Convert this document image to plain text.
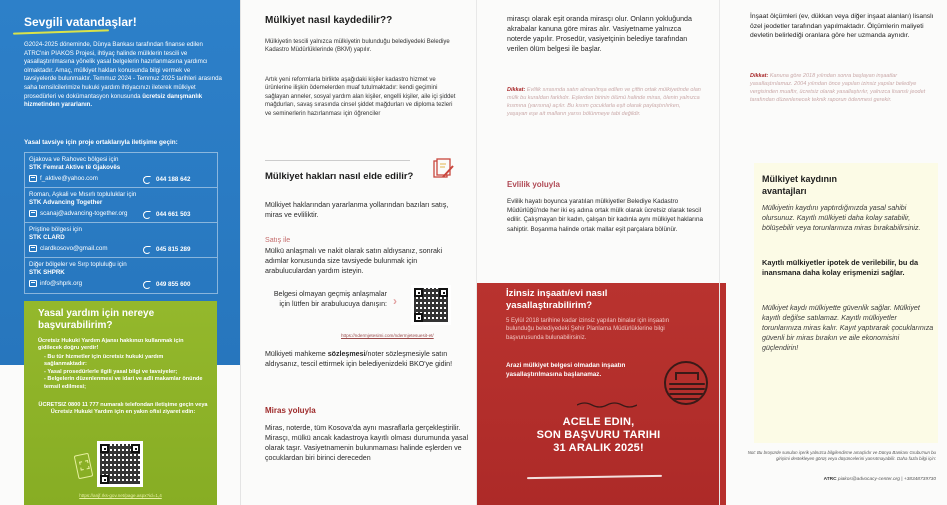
Sevgili vatandaşlar!
G2024-2025 döneminde, Dünya Bankası tarafından finanse edilen ATRC'nin PIAKOS Projesi, ihtiyaç halinde mülklerin tescili ve yasallaştırılmasına yönelik yasal belgelerin hazırlanmasına yardımcı olmaktadır. Amaç, mülkiyet hakları konusunda bilgi vermek ve tavsiyelerde bulunmaktır. Temmuz 2024 - Temmuz 2025 tarihleri arasında saha temsilcilerimize hukuki yardım ihtiyacınızı ileterek mülkiyet prosedürleri ve dokümantasyon konusunda ücretsiz danışmanlık hizmetinden yararlanın.
Yasal tavsiye için proje ortaklarıyla iletişime geçin:
Gjakova ve Rahovec bölgesi için
STK Femrat Aktive të Gjakovës
f_aktive@yahoo.com	044 188 642
Roman, Aşkali ve Mısırlı topluluklar için
STK Advancing Together
scanaj@advancing-together.org	044 661 503
Priştine bölgesi için
STK CLARD
clardkosovo@gmail.com	045 815 289
Diğer bölgeler ve Sırp topluluğu için
STK SHPRK
info@shprk.org	049 855 600
Yasal yardım için nereye başvurabilirim?
Ücretsiz Hukuki Yardım Ajansı hakkınızı kullanmak için gidilecek doğru yerdir!
- Bu tür hizmetler için ücretsiz hukuki yardım sağlanmaktadır:
- Yasal prosedürlerle ilgili yasal bilgi ve tavsiyeler;
- Belgelerin düzenlenmesi ve idari ve adli makamlar önünde temsil edilmesi;
ÜCRETSIZ 0800 11 777 numaralı telefondan iletişime geçin veya Ücretsiz Hukuki Yardım için en yakın ofisi ziyaret edin:
https://anjf.rks-gov.net/page.aspx?id=1,4
Mülkiyet nasıl kaydedilir??
Mülkiyetin tescili yalnızca mülkiyetin bulunduğu belediyedeki Belediye Kadastro Müdürlüklerinde (BKM) yapılır.
Artık yeni reformlarla birlikte aşağıdaki kişiler kadastro hizmet ve ürünlerine ilişkin ödemelerden muaf tutulmaktadır: kendi geçimini sağlayan anneler, sosyal yardım alan kişiler, engelli kişiler, aile içi şiddet mağdurları, savaş sırasında cinsel şiddet mağdurları ve diploma tezleri ve seminerlerin hazırlanması için öğrenciler
Mülkiyet hakları nasıl elde edilir?
Mülkiyet haklarından yararlanma yollarından bazıları satış, miras ve evliliktir.
Satış ile
Mülkü anlaşmalı ve nakit olarak satın aldıysanız, sonraki adımlar konusunda size tavsiyede bulunmak için arabuluculardan yardım isteyin.
Belgesi olmayan geçmiş anlaşmalar için lütfen bir arabulucuya danışın: ›
https://ndermjetesimi.com/ndermjetesuesit-et/
Mülkiyeti mahkeme sözleşmesi/noter sözleşmesiyle satın aldıysanız, tescil ettirmek için belediyenizdeki BKO'ye gidin!
Miras yoluyla
Miras, noterde, tüm Kosova'da aynı masraflarla gerçekleştirilir. Mirasçı, mülkü ancak kadastroya kayıtlı olması durumunda yasal olarak taşır. Vasiyetnamenin bulunmaması halinde eşlerden ve çocuklardan biri birinci dereceden
mirasçı olarak eşit oranda mirasçı olur. Onların yokluğunda akrabalar kanuna göre miras alır. Vasiyetname yalnızca noterde yapılır. Prosedür, vasiyetçinin belediye tarafından verilen ölüm belgesi ile başlar.
Dikkat: Evlilik sırasında satın alınan/inşa edilen ve çiftin ortak mülkiyetinde olan mülk bu kuraldan farklıdır. Eşlerden birinin ölümü halinde miras, ölenin yalnızca kısmına (yarısına) açılır. Bu kısım çocuklarla eşit olarak paylaştırılırken, yaşayan eşe ait malların yarısı bölünmeye tabi değildir.
Evlilik yoluyla
Evlilik hayatı boyunca yaratılan mülkiyetler Belediye Kadastro Müdürlüğü'nde her iki eş adına ortak mülk olarak ücretsiz olarak tescil edilir. Çalışmayan bir kadın, çalışan bir kadınla aynı mülkiyet haklarına sahiptir. Boşanma halinde ortak mallar eşit parçalara bölünür.
İzinsiz inşaatı/evi nasıl yasallaştırabilirim?
5 Eylül 2018 tarihine kadar izinsiz yapılan binalar için inşaatın bulunduğu belediyedeki Şehir Planlama Müdürlüklerine bilgi başvurusunda bulunabilirsiniz.
Arazi mülkiyet belgesi olmadan inşaatın yasallaştırılmasına başlanamaz.
ACELE EDIN,
SON BAŞVURU TARIHI
31 ARALIK 2025!
İnşaat ölçümleri (ev, dükkan veya diğer inşaat alanları) lisanslı özel jeodetler tarafından yapılmaktadır. Ölçümlerin maliyeti devletin belirlediği oranlara göre her uzmanda aynıdır.
Dikkat: Kanuna göre 2018 yılından sonra başlayan inşaatlar yasallaştırılamaz. 2004 yılından önce yapılan izinsiz yapılar belediye vergisinden muaftır, ücretsiz olarak yasallaştırılır, yalnızca lisanslı jeodet tarafından düzenlenecek teknik raporun ödenmesi gerekir.
Mülkiyet kaydının avantajları
Mülkiyetin kaydını yaptırdığınızda yasal sahibi olursunuz. Kayıtlı mülkiyeti daha kolay satabilir, bölüşebilir veya torunlarınıza miras bırakabilirsiniz.
Kayıtlı mülkiyetler ipotek de verilebilir, bu da inansmana daha kolay erişmenizi sağlar.
Mülkiyet kaydı mülkiyette güvenlik sağlar. Mülkiyet kayıtlı değilse satılamaz. Kayıtlı mülkiyetler torunlarınıza miras kalır. Kayıt yaptırarak çocuklarınıza güvenli bir miras bırakın ve aile ekonomisini güçlendirin!
Not: Bu broşürde sunulan içerik yalnızca bilgilendirme amaçlıdır ve Dünya Bankası Grubu'nun bu girişimi destekleyen görüş veya düşüncelerini yansıtmayabilir. Daha fazla bilgi için:
ATRC piakos@advocacy-center.org | +38348739730
